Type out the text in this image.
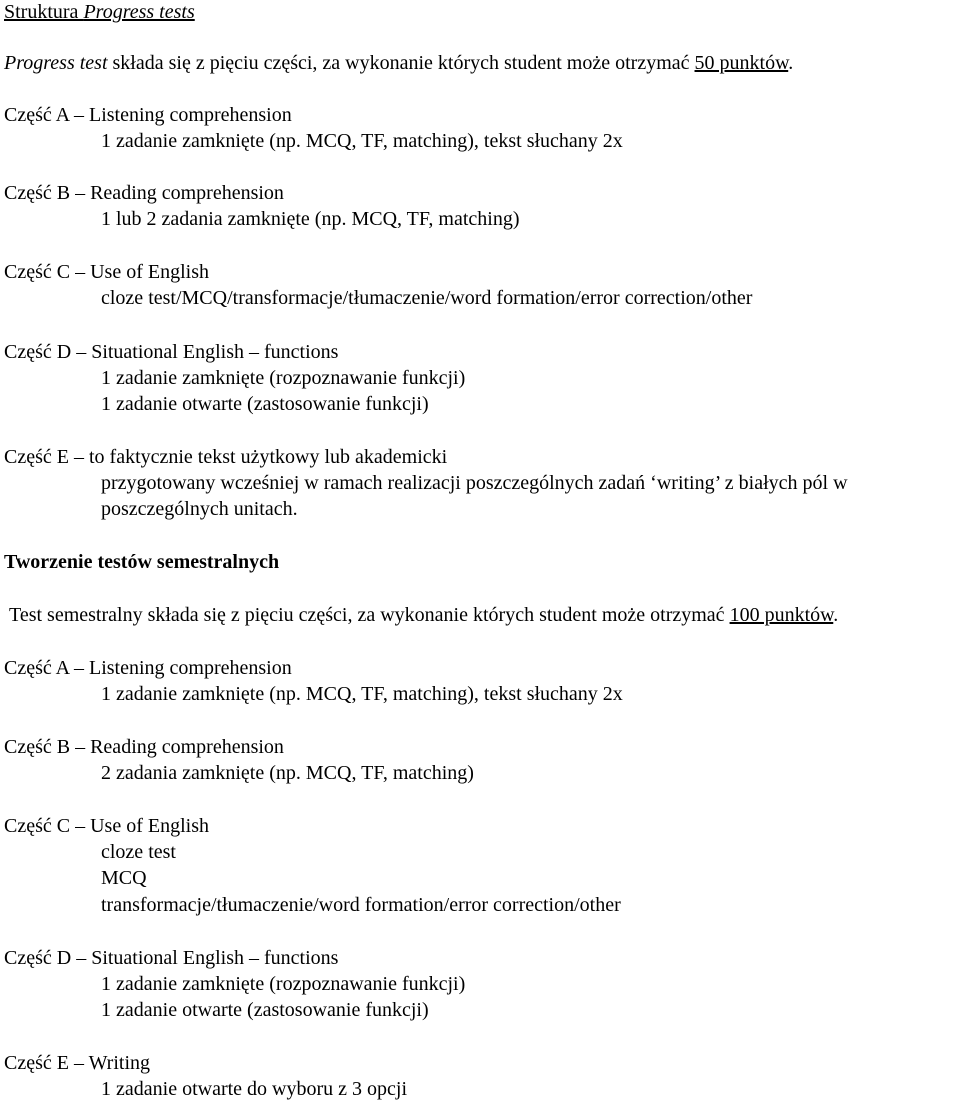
Struktura Progress tests
Progress test składa się z pięciu części, za wykonanie których student może otrzymać 50 punktów.
Część A – Listening comprehension
1 zadanie zamknięte (np. MCQ, TF, matching), tekst słuchany 2x
Część B – Reading comprehension
1 lub 2 zadania zamknięte (np. MCQ, TF, matching)
Część C – Use of English
cloze test/MCQ/transformacje/tłumaczenie/word formation/error correction/other
Część D – Situational English – functions
1 zadanie zamknięte (rozpoznawanie funkcji)
1 zadanie otwarte (zastosowanie funkcji)
Część E – to faktycznie tekst użytkowy lub akademicki
przygotowany wcześniej w ramach realizacji poszczególnych zadań ‘writing’ z białych pól w
poszczególnych unitach.
Tworzenie testów semestralnych
Test semestralny składa się z pięciu części, za wykonanie których student może otrzymać 100 punktów.
Część A – Listening comprehension
1 zadanie zamknięte (np. MCQ, TF, matching), tekst słuchany 2x
Część B – Reading comprehension
2 zadania zamknięte (np. MCQ, TF, matching)
Część C – Use of English
cloze test
MCQ
transformacje/tłumaczenie/word formation/error correction/other
Część D – Situational English – functions
1 zadanie zamknięte (rozpoznawanie funkcji)
1 zadanie otwarte (zastosowanie funkcji)
Część E – Writing
1 zadanie otwarte do wyboru z 3 opcji
